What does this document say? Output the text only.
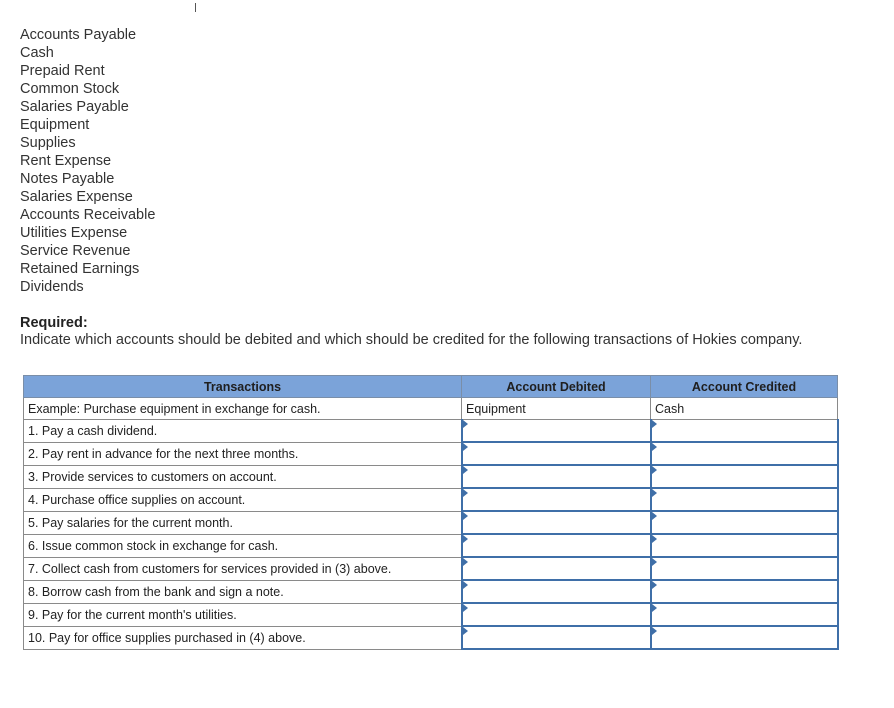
Accounts Payable
Cash
Prepaid Rent
Common Stock
Salaries Payable
Equipment
Supplies
Rent Expense
Notes Payable
Salaries Expense
Accounts Receivable
Utilities Expense
Service Revenue
Retained Earnings
Dividends
Required:
Indicate which accounts should be debited and which should be credited for the following transactions of Hokies company.
Transactions	Account Debited	Account Credited
Example: Purchase equipment in exchange for cash.	Equipment	Cash
1. Pay a cash dividend.	

2. Pay rent in advance for the next three months.	

3. Provide services to customers on account.	

4. Purchase office supplies on account.	

5. Pay salaries for the current month.	

6. Issue common stock in exchange for cash.	

7. Collect cash from customers for services provided in (3) above.	

8. Borrow cash from the bank and sign a note.	

9. Pay for the current month's utilities.	

10. Pay for office supplies purchased in (4) above.	
